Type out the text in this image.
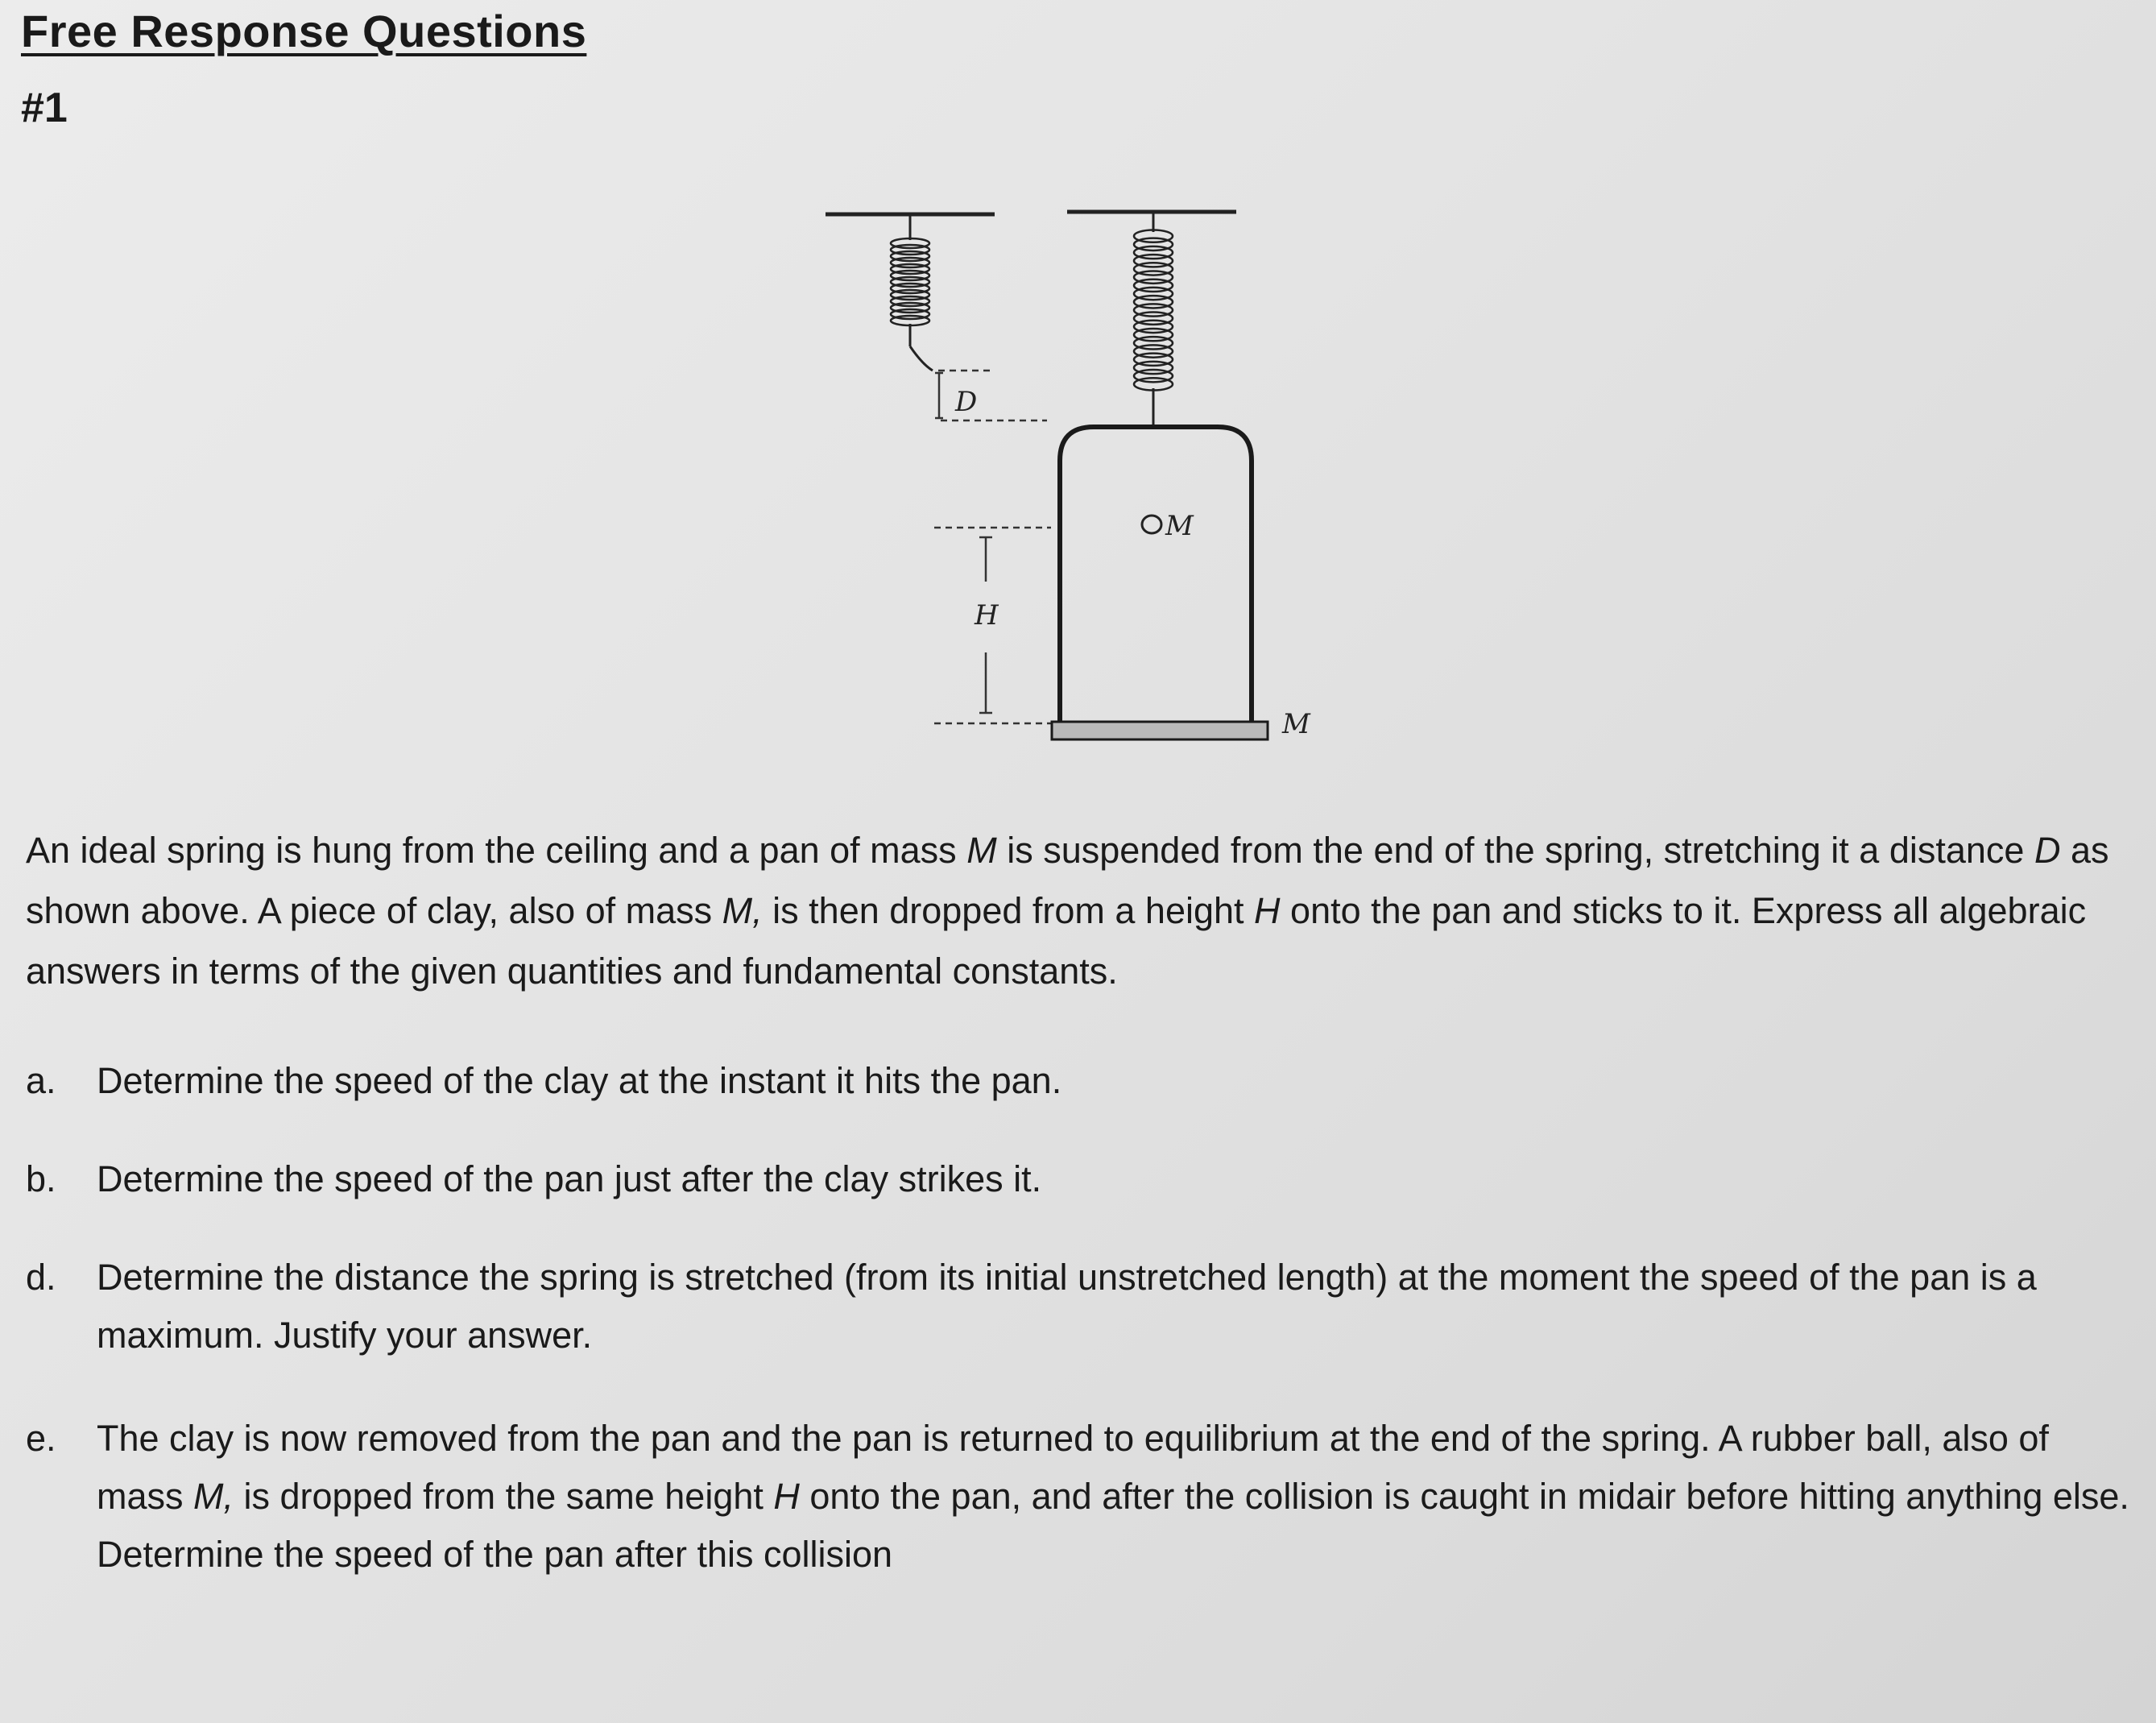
Free Response Questions
#1
D
H
M
M
An ideal spring is hung from the ceiling and a pan of mass M is suspended from the end of the spring, stretching it a distance D as shown above. A piece of clay, also of mass M, is then dropped from a height H onto the pan and sticks to it. Express all algebraic answers in terms of the given quantities and fundamental constants.
a.	Determine the speed of the clay at the instant it hits the pan.
b.	Determine the speed of the pan just after the clay strikes it.
d.	Determine the distance the spring is stretched (from its initial unstretched length) at the moment the speed of the pan is a maximum. Justify your answer.
e.	The clay is now removed from the pan and the pan is returned to equilibrium at the end of the spring. A rubber ball, also of mass M, is dropped from the same height H onto the pan, and after the collision is caught in midair before hitting anything else. Determine the speed of the pan after this collision
